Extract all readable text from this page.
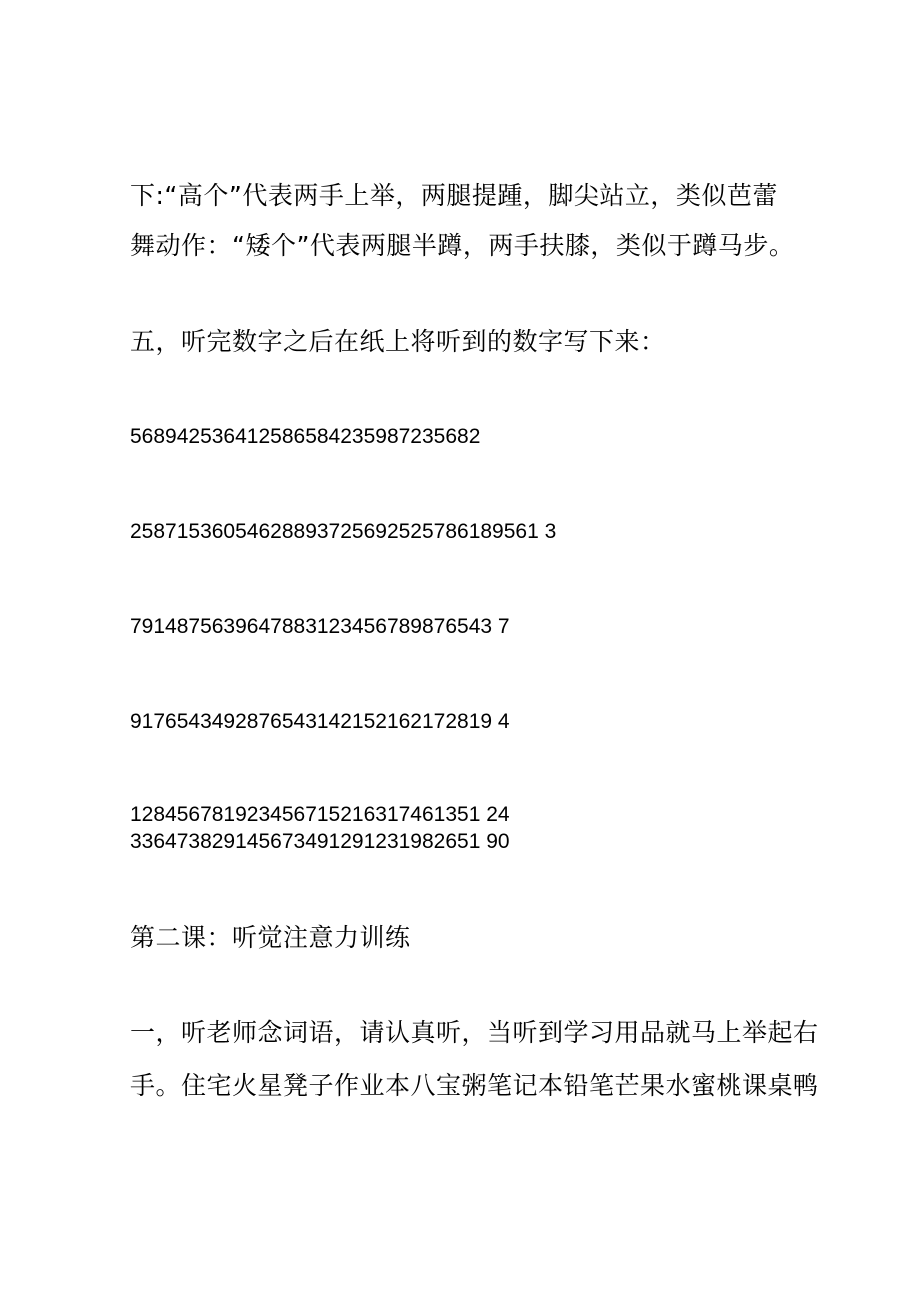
下:“高个”代表两手上举，两腿提踵，脚尖站立，类似芭蕾
舞动作：“矮个”代表两腿半蹲，两手扶膝，类似于蹲马步。
五，听完数字之后在纸上将听到的数字写下来：
568942536412586584235987235682
25871536054628893725692525786189561 3
7914875639647883123456789876543 7
9176543492876543142152162172819 4
128456781923456715216317461351 24
336473829145673491291231982651 90
第二课：听觉注意力训练
一，听老师念词语，请认真听，当听到学习用品就马上举起右
手。住宅火星凳子作业本八宝粥笔记本铅笔芒果水蜜桃课桌鸭
